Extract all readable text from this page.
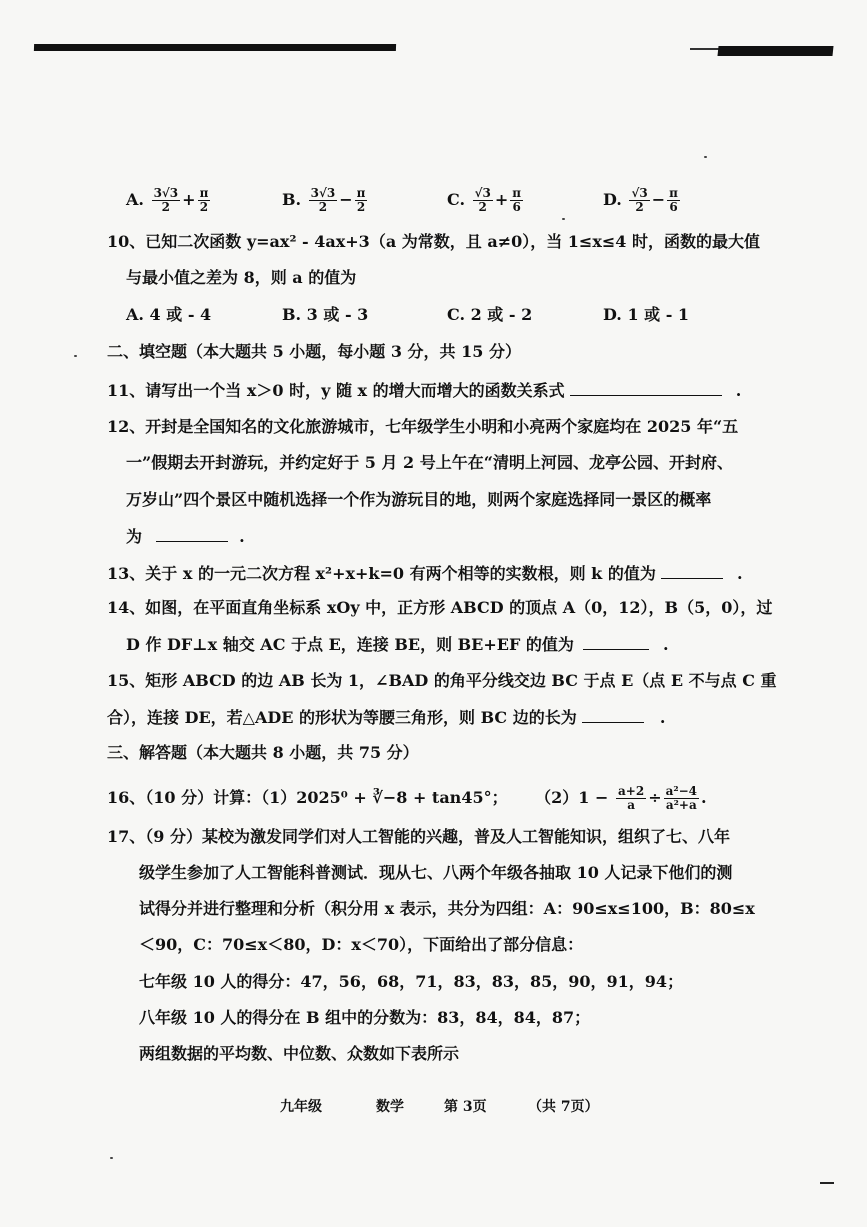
A. $\frac{3√3}{2} + \frac{\pi}{2}$	B. $\frac{3√3}{2} - \frac{\pi}{2}$	C. $\frac{√3}{2} + \frac{\pi}{6}$	D. $\frac{√3}{2} - \frac{\pi}{6}$
10、已知二次函数 y=ax² - 4ax+3（a 为常数，且 a≠0），当 1≤x≤4 时，函数的最大值
与最小值之差为 8，则 a 的值为
A. 4 或 - 4	B. 3 或 - 3	C. 2 或 - 2	D. 1 或 - 1
二、填空题（本大题共 5 小题，每小题 3 分，共 15 分）
11、请写出一个当 x＞0 时，y 随 x 的增大而增大的函数关系式	.
12、开封是全国知名的文化旅游城市，七年级学生小明和小亮两个家庭均在 2025 年“五
一”假期去开封游玩，并约定好于 5 月 2 号上午在“清明上河园、龙亭公园、开封府、
万岁山”四个景区中随机选择一个作为游玩目的地，则两个家庭选择同一景区的概率
为	.
13、关于 x 的一元二次方程 x²+x+k=0 有两个相等的实数根，则 k 的值为	.
14、如图，在平面直角坐标系 xOy 中，正方形 ABCD 的顶点 A（0，12），B（5，0），过
D 作 DF⊥x 轴交 AC 于点 E，连接 BE，则 BE+EF 的值为	.
15、矩形 ABCD 的边 AB 长为 1，∠BAD 的角平分线交边 BC 于点 E（点 E 不与点 C 重
合），连接 DE，若△ADE 的形状为等腰三角形，则 BC 边的长为	.
三、解答题（本大题共 8 小题，共 75 分）
16、（10 分）计算：（1）2025⁰ + ∛−8 + tan45°； $(2)1 - \frac{a+2}{a} \div \frac{\text{a²−4}}{\text{a²+a}}$ .
17、（9 分）某校为激发同学们对人工智能的兴趣，普及人工智能知识，组织了七、八年
级学生参加了人工智能科普测试．现从七、八两个年级各抽取 10 人记录下他们的测
试得分并进行整理和分析（积分用 x 表示，共分为四组：A：90≤x≤100，B：80≤x
＜90，C：70≤x＜80，D：x＜70），下面给出了部分信息：
七年级 10 人的得分：47，56，68，71，83，83，85，90，91，94；
八年级 10 人的得分在 B 组中的分数为：83，84，84，87；
两组数据的平均数、中位数、众数如下表所示
九年级	数学	第 3页	（共 7页）
